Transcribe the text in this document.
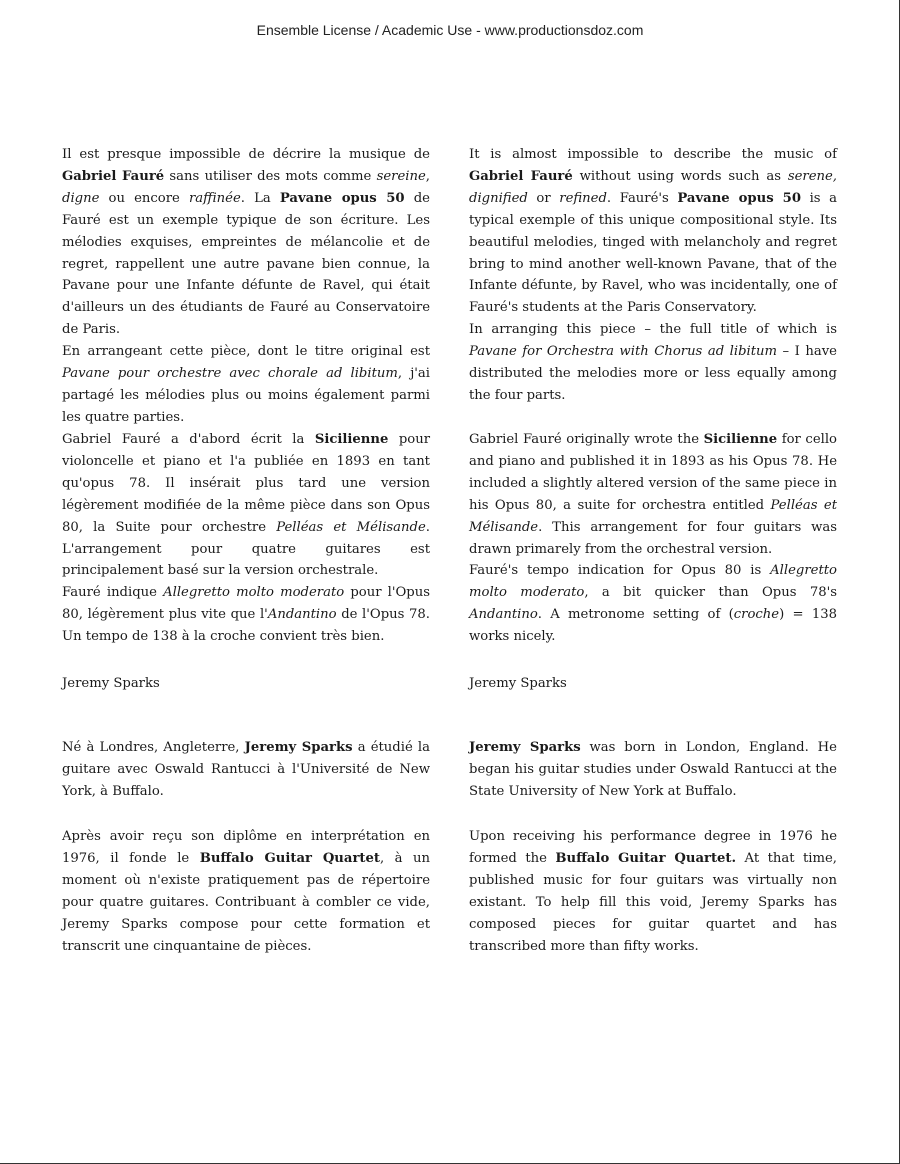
Ensemble License / Academic Use - www.productionsdoz.com

Il est presque impossible de décrire la musique de Gabriel Fauré sans utiliser des mots comme sereine, digne ou encore raffinée. La Pavane opus 50 de Fauré est un exemple typique de son écriture. Les mélodies exquises, empreintes de mélancolie et de regret, rappellent une autre pavane bien connue, la Pavane pour une Infante défunte de Ravel, qui était d'ailleurs un des étudiants de Fauré au Conservatoire de Paris.

En arrangeant cette pièce, dont le titre original est Pavane pour orchestre avec chorale ad libitum, j'ai partagé les mélodies plus ou moins également parmi les quatre parties.

Gabriel Fauré a d'abord écrit la Sicilienne pour violoncelle et piano et l'a publiée en 1893 en tant qu'opus 78. Il insérait plus tard une version légèrement modifiée de la même pièce dans son Opus 80, la Suite pour orchestre Pelléas et Mélisande. L'arrangement pour quatre guitares est principalement basé sur la version orchestrale.

Fauré indique Allegretto molto moderato pour l'Opus 80, légèrement plus vite que l'Andantino de l'Opus 78. Un tempo de 138 à la croche convient très bien.

Jeremy Sparks

Né à Londres, Angleterre, Jeremy Sparks a étudié la guitare avec Oswald Rantucci à l'Université de New York, à Buffalo.

Après avoir reçu son diplôme en interprétation en 1976, il fonde le Buffalo Guitar Quartet, à un moment où n'existe pratiquement pas de répertoire pour quatre guitares. Contribuant à combler ce vide, Jeremy Sparks compose pour cette formation et transcrit une cinquantaine de pièces.

It is almost impossible to describe the music of Gabriel Fauré without using words such as serene, dignified or refined. Fauré's Pavane opus 50 is a typical exemple of this unique compositional style. Its beautiful melodies, tinged with melancholy and regret bring to mind another well-known Pavane, that of the Infante défunte, by Ravel, who was incidentally, one of Fauré's students at the Paris Conservatory.

In arranging this piece – the full title of which is Pavane for Orchestra with Chorus ad libitum – I have distributed the melodies more or less equally among the four parts.

Gabriel Fauré originally wrote the Sicilienne for cello and piano and published it in 1893 as his Opus 78. He included a slightly altered version of the same piece in his Opus 80, a suite for orchestra entitled Pelléas et Mélisande. This arrangement for four guitars was drawn primarely from the orchestral version.

Fauré's tempo indication for Opus 80 is Allegretto molto moderato, a bit quicker than Opus 78's Andantino. A metronome setting of (croche) = 138 works nicely.

Jeremy Sparks

Jeremy Sparks was born in London, England. He began his guitar studies under Oswald Rantucci at the State University of New York at Buffalo.

Upon receiving his performance degree in 1976 he formed the Buffalo Guitar Quartet. At that time, published music for four guitars was virtually non existant. To help fill this void, Jeremy Sparks has composed pieces for guitar quartet and has transcribed more than fifty works.
